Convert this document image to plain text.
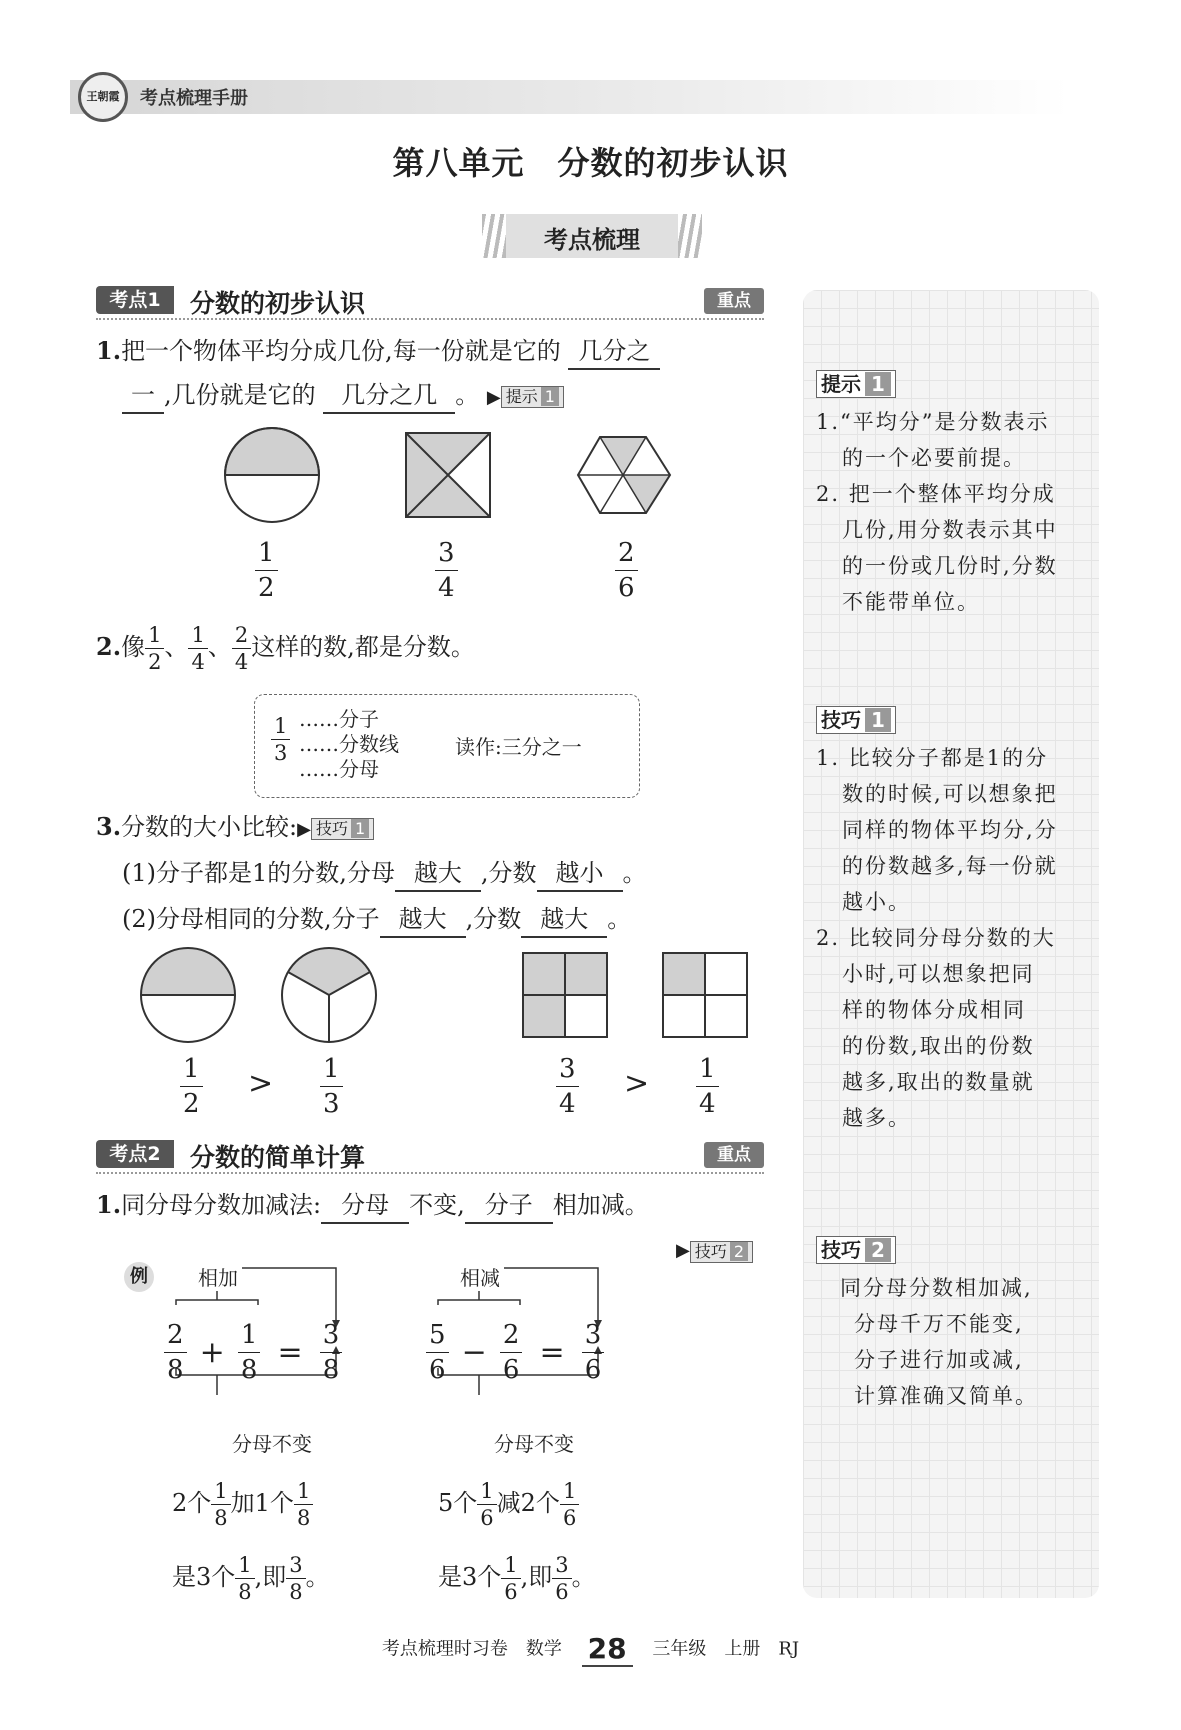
王朝霞	考点梳理手册
第八单元　分数的初步认识
考点梳理
考点1	分数的初步认识	重点
1.把一个物体平均分成几份,每一份就是它的 几分之
一 ,几份就是它的 几分之几 。 ▶ 提示 1
$\frac{1}{2}$	$\frac{3}{4}$	$\frac{2}{6}$
2.像 $\frac{1}{2}$ 、 $\frac{1}{4}$ 、 $\frac{2}{4}$ 这样的数,都是分数。
$\frac{1}{3}$ ……分子
……分数线
……分母
读作:三分之一
3.分数的大小比较:▶ 技巧 1
(1)分子都是1的分数,分母 越大 ,分数 越小 。
(2)分母相同的分数,分子 越大 ,分数 越大 。
$\frac{1}{2} > \frac{1}{3}$	$\frac{3}{4} > \frac{1}{4}$
考点2	分数的简单计算	重点
1.同分母分数加减法: 分母 不变, 分子 相加减。
▶ 技巧 2
例	相加	相减
$\frac{2}{8} + \frac{1}{8} = \frac{3}{8}$	$\frac{5}{6} - \frac{2}{6} = \frac{3}{6}$
分母不变	分母不变
2个 $\frac{1}{8}$ 加1个 $\frac{1}{8}$
是3个 $\frac{1}{8}$ ,即 $\frac{3}{8}$ 。
5个 $\frac{1}{6}$ 减2个 $\frac{1}{6}$
是3个 $\frac{1}{6}$ ,即 $\frac{3}{6}$ 。
提示 1
1.“平均分”是分数表示
的一个必要前提。
2. 把一个整体平均分成
几份,用分数表示其中
的一份或几份时,分数
不能带单位。
技巧 1
1. 比较分子都是1的分
数的时候,可以想象把
同样的物体平均分,分
的份数越多,每一份就
越小。
2. 比较同分母分数的大
小时,可以想象把同
样的物体分成相同
的份数,取出的份数
越多,取出的数量就
越多。
技巧 2
同分母分数相加减,
分母千万不能变,
分子进行加或减,
计算准确又简单。
考点梳理时习卷　数学 28 三年级　上册　RJ
